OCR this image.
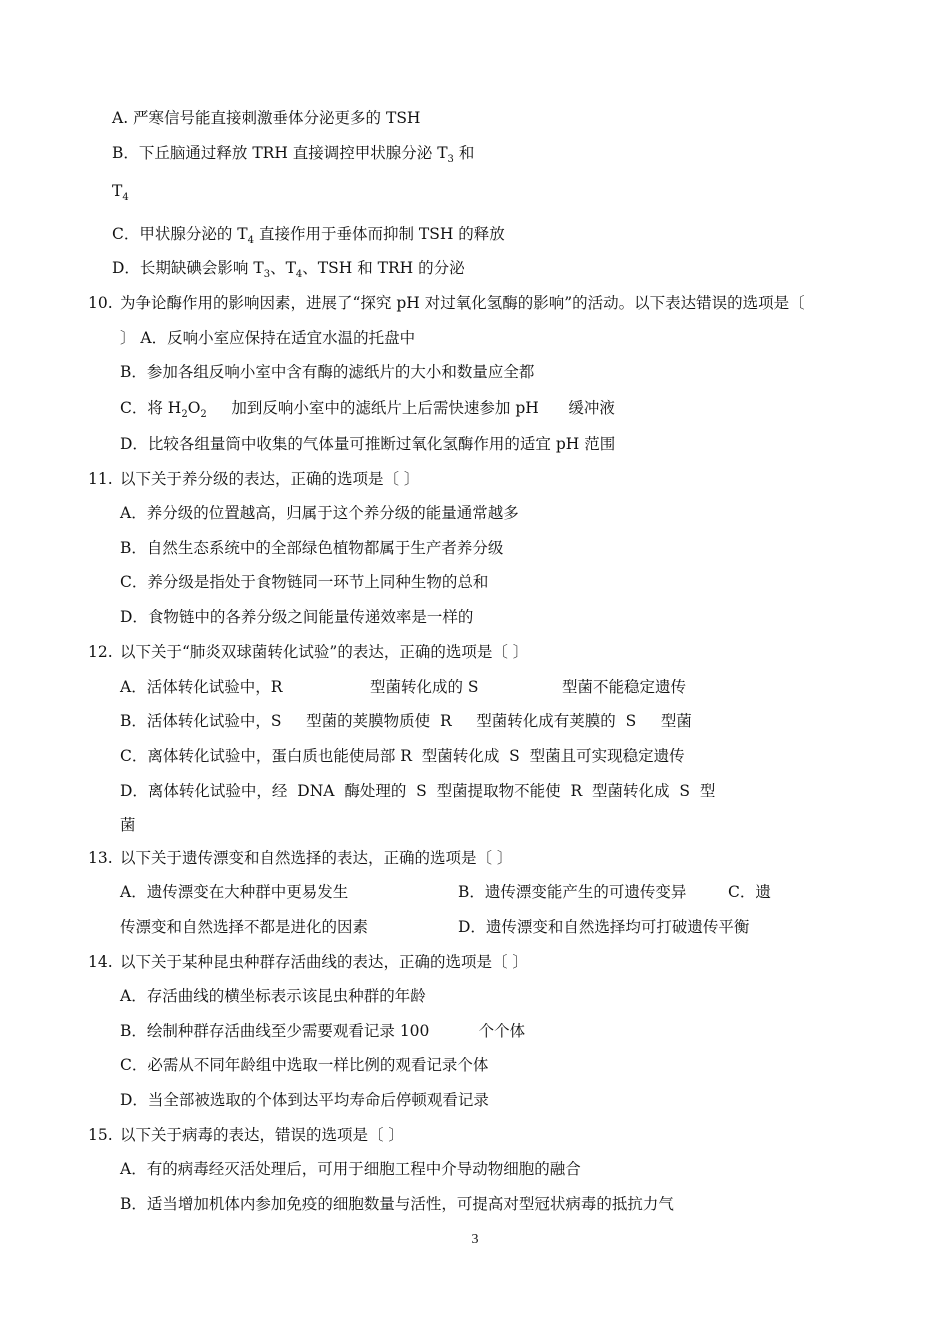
A. 严寒信号能直接刺激垂体分泌更多的 TSH
B．下丘脑通过释放 TRH 直接调控甲状腺分泌 $T_3$ 和
$T_4$
C．甲状腺分泌的 $T_4$ 直接作用于垂体而抑制 TSH 的释放
D．长期缺碘会影响 $T_3$、$T_4$、TSH 和 TRH 的分泌
10. 为争论酶作用的影响因素，进展了“探究 pH 对过氧化氢酶的影响”的活动。以下表达错误的选项是〔
〕 A．反响小室应保持在适宜水温的托盘中
B．参加各组反响小室中含有酶的滤纸片的大小和数量应全都
C．将 $H_2O_2$     加到反响小室中的滤纸片上后需快速参加 pH      缓冲液
D．比较各组量筒中收集的气体量可推断过氧化氢酶作用的适宜 pH 范围
11. 以下关于养分级的表达，正确的选项是〔 〕
A．养分级的位置越高，归属于这个养分级的能量通常越多
B．自然生态系统中的全部绿色植物都属于生产者养分级
C．养分级是指处于食物链同一环节上同种生物的总和
D．食物链中的各养分级之间能量传递效率是一样的
12. 以下关于“肺炎双球菌转化试验”的表达，正确的选项是〔 〕
A．活体转化试验中，R	型菌转化成的 S	型菌不能稳定遗传
B．活体转化试验中，S     型菌的荚膜物质使  R     型菌转化成有荚膜的  S     型菌
C．离体转化试验中，蛋白质也能使局部 R  型菌转化成  S  型菌且可实现稳定遗传
D．离体转化试验中，经  DNA  酶处理的  S  型菌提取物不能使  R  型菌转化成  S  型
菌
13. 以下关于遗传漂变和自然选择的表达，正确的选项是〔 〕
A．遗传漂变在大种群中更易发生	B．遗传漂变能产生的可遗传变异	C．遗
传漂变和自然选择不都是进化的因素	D．遗传漂变和自然选择均可打破遗传平衡
14. 以下关于某种昆虫种群存活曲线的表达，正确的选项是〔 〕
A．存活曲线的横坐标表示该昆虫种群的年龄
B．绘制种群存活曲线至少需要观看记录 100          个个体
C．必需从不同年龄组中选取一样比例的观看记录个体
D．当全部被选取的个体到达平均寿命后停顿观看记录
15. 以下关于病毒的表达，错误的选项是〔 〕
A．有的病毒经灭活处理后，可用于细胞工程中介导动物细胞的融合
B．适当增加机体内参加免疫的细胞数量与活性，可提高对型冠状病毒的抵抗力气
3
